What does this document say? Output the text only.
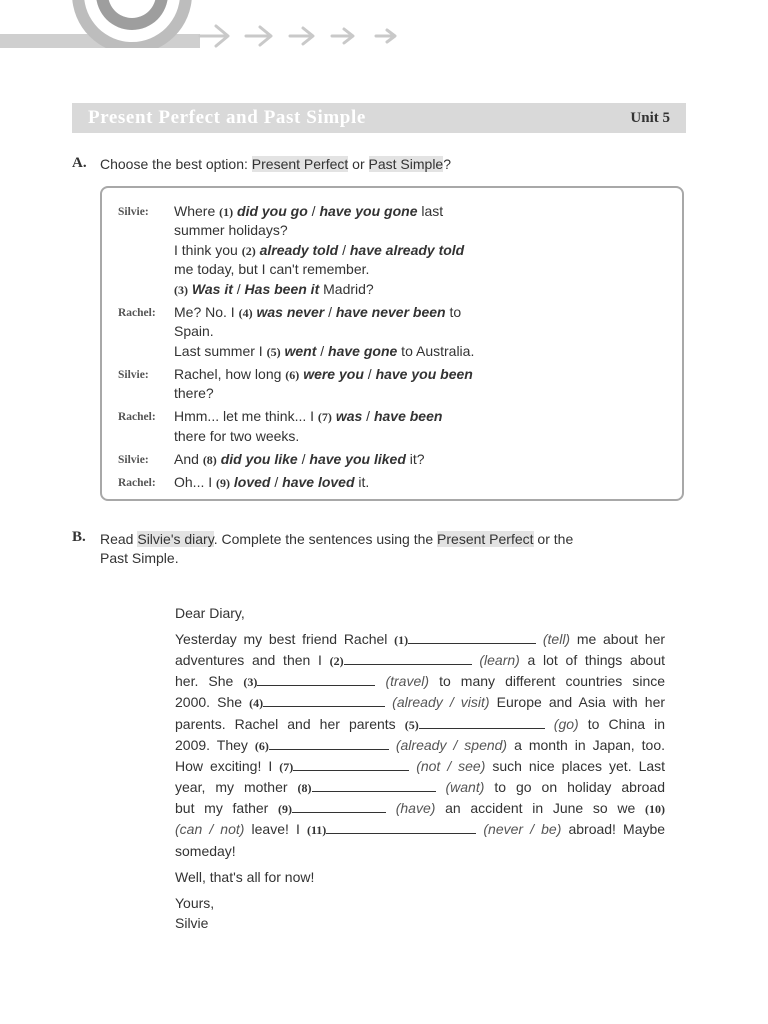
Present Perfect and Past Simple	Unit 5
A. Choose the best option: Present Perfect or Past Simple?
Silvie: Where (1) did you go / have you gone last
summer holidays?
I think you (2) already told / have already told
me today, but I can't remember.
(3) Was it / Has been it Madrid?
Rachel: Me? No. I (4) was never / have never been to
Spain.
Last summer I (5) went / have gone to Australia.
Silvie: Rachel, how long (6) were you / have you been
there?
Rachel: Hmm... let me think... I (7) was / have been
there for two weeks.
Silvie: And (8) did you like / have you liked it?
Rachel: Oh... I (9) loved / have loved it.
B. Read Silvie's diary. Complete the sentences using the Present Perfect or the
Past Simple.
Dear Diary,
Yesterday my best friend Rachel (1)	(tell) me about her
adventures and then I (2)	(learn) a lot of things about
her. She (3)	(travel) to many different countries since
2000. She (4)	(already / visit) Europe and Asia with her
parents. Rachel and her parents (5)	(go) to China in
2009. They (6)	(already / spend) a month in Japan, too.
How exciting! I (7)	(not / see) such nice places yet. Last
year, my mother (8)	(want) to go on holiday abroad
but my father (9)	(have) an accident in June so we (10)
(can / not) leave! I (11)	(never / be) abroad! Maybe
someday!
Well, that's all for now!
Yours,
Silvie
